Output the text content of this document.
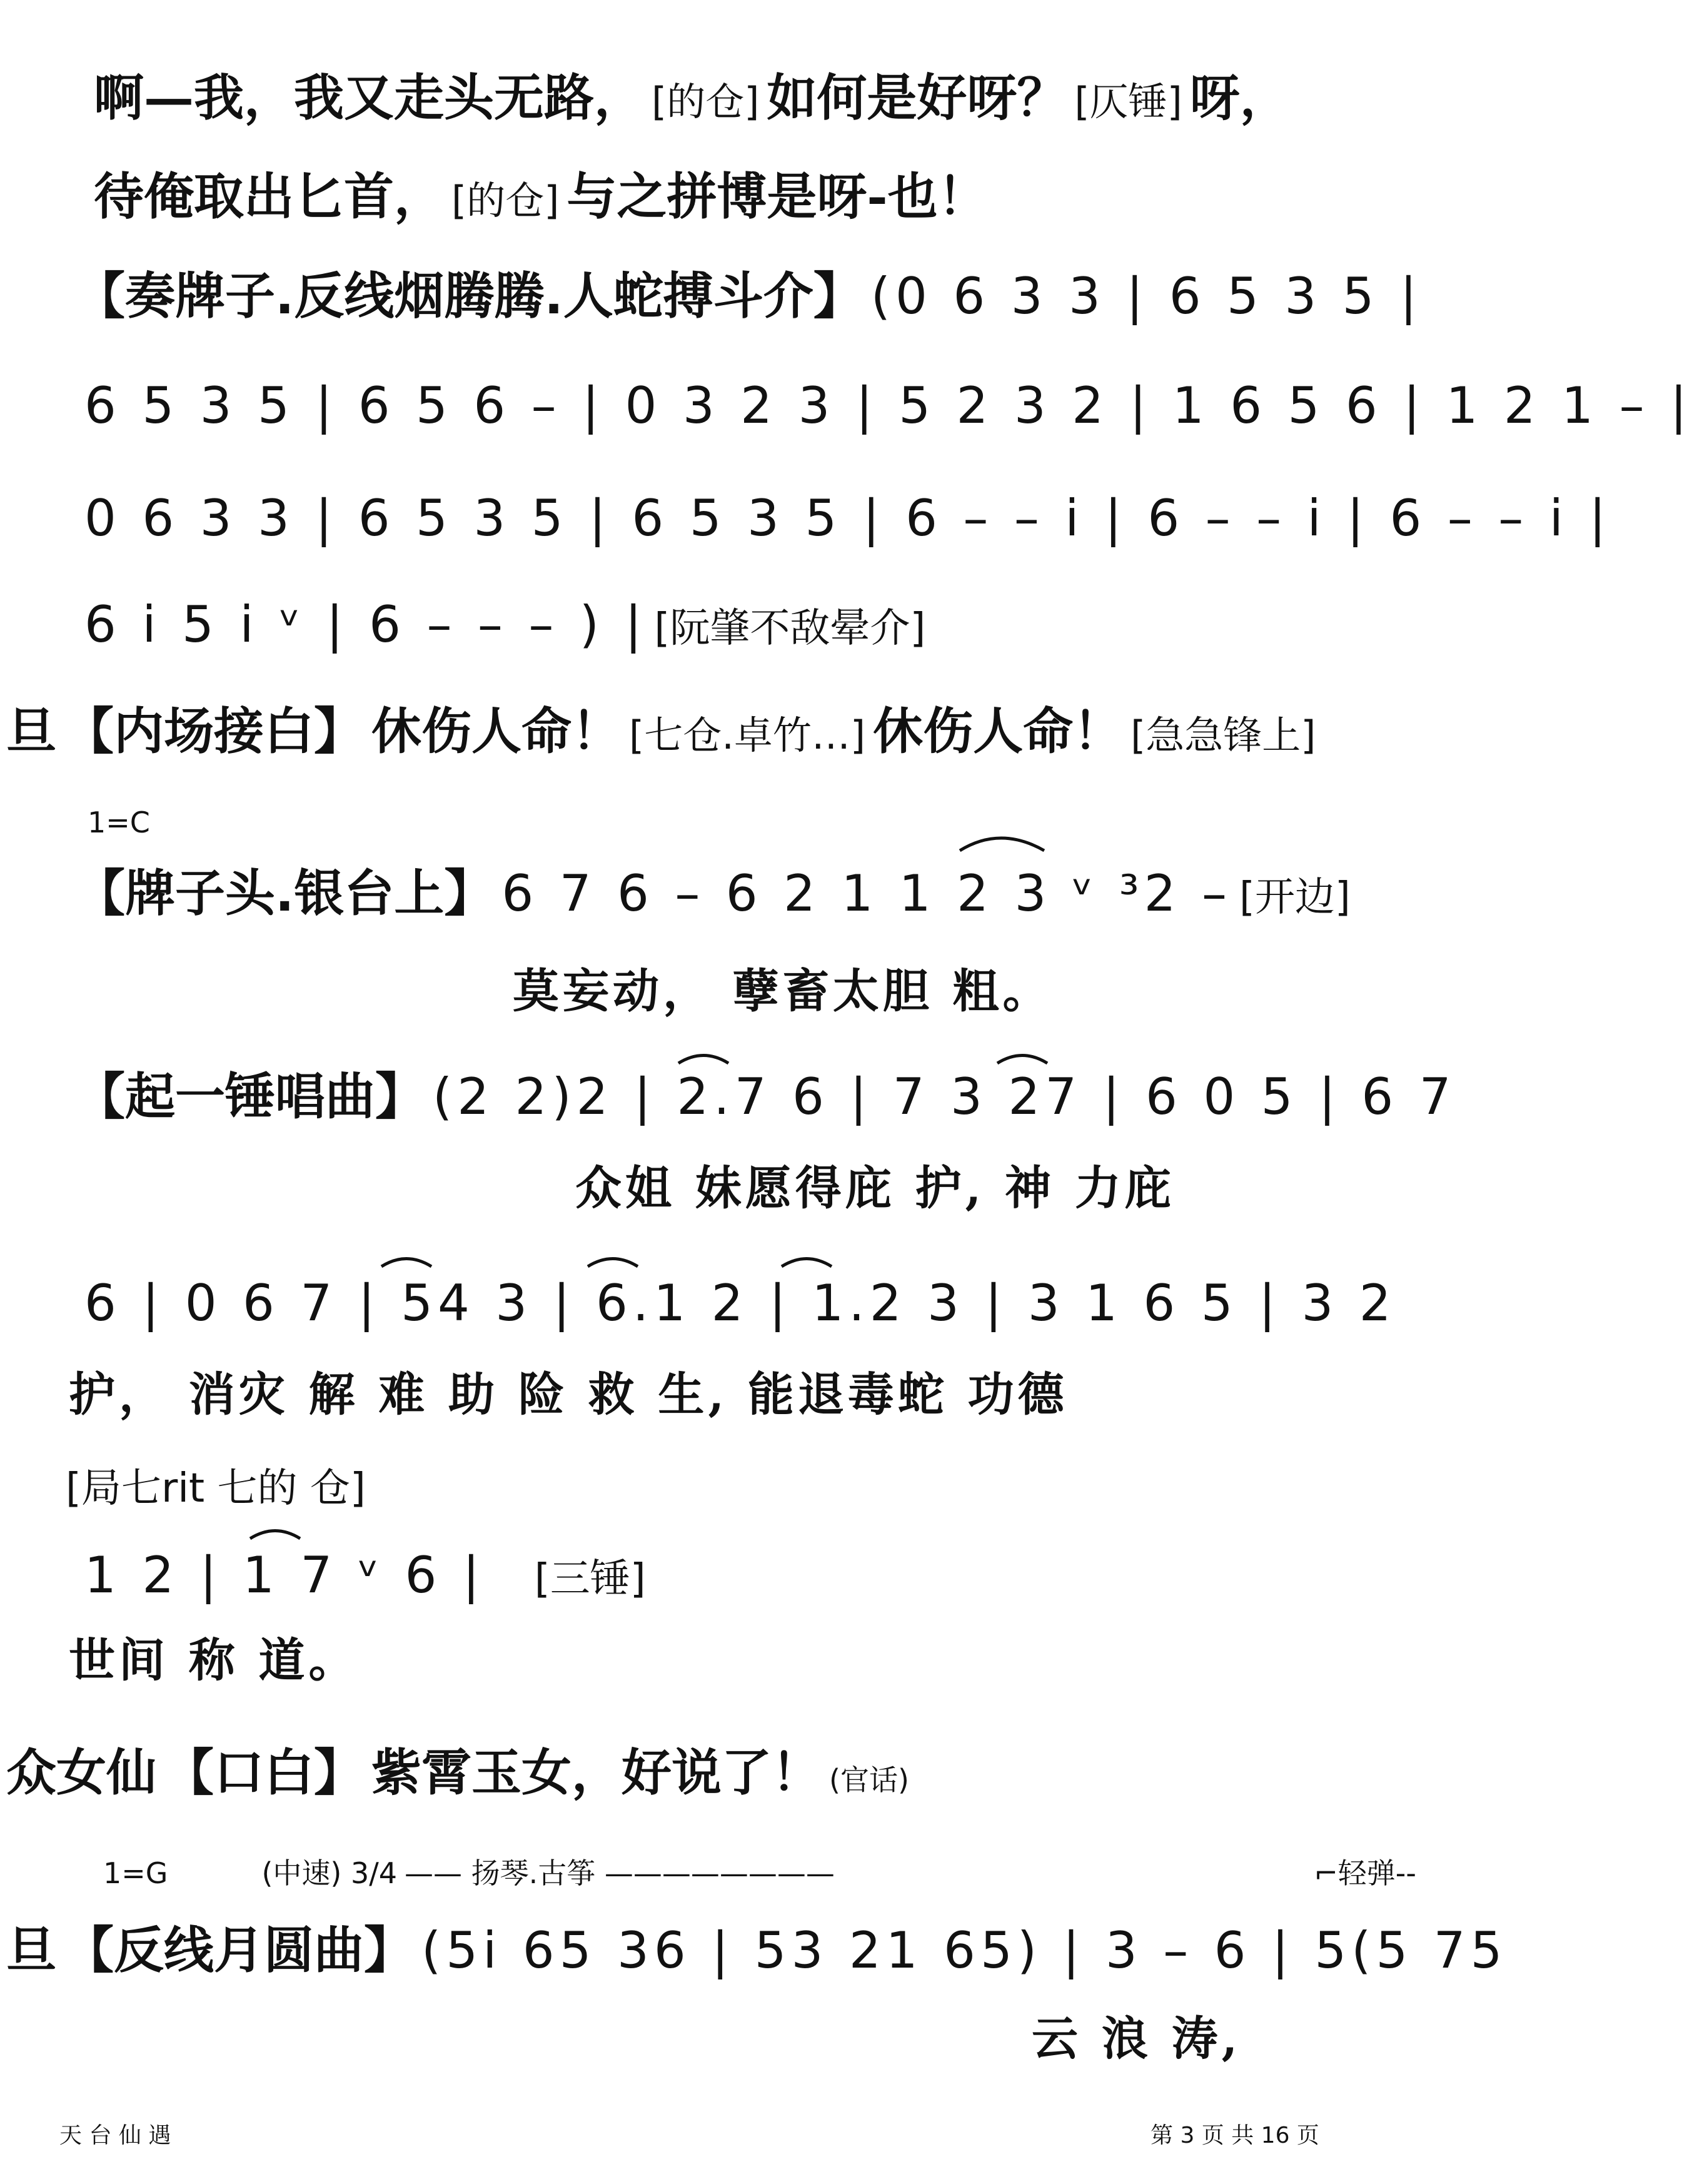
啊—我，我又走头无路， [的仓] 如何是好呀？ [仄锤] 呀，
待俺取出匕首， [的仓] 与之拼博是呀-也！
【奏牌子.反线烟腾腾.人蛇搏斗介】 (0 6 3 3 | 6 5 3 5 |
6 5 3 5 | 6 5 6 – | 0 3 2 3 | 5 2 3 2 | 1 6 5 6 | 1 2 1 – |
0 6 3 3 | 6 5 3 5 | 6 5 3 5 | 6 – – i | 6 – – i | 6 – – i |
6 i 5 i ᵛ | 6 – – – ) | [阮肇不敌晕介]
旦 【内场接白】 休伤人命！ [七仓.卓竹…] 休伤人命！ [急急锋上]
1=C
【牌子头.银台上】 6 7 6 – 6 2 1 1 2 3 ᵛ ³2 – [开边]
莫妄动， 孽畜太胆 粗。
【起一锤唱曲】 (2 2)2 | 2.7 6 | 7 3 27 | 6 0 5 | 6 7
众姐 妹愿得庇 护, 神 力庇
6 | 0 6 7 | 54 3 | 6.1 2 | 1.2 3 | 3 1 6 5 | 3 2
护， 消灾 解 难 助 险 救 生, 能退毒蛇 功德
[局七rit 七的 仓]
1 2 | 1 7 ᵛ 6 | [三锤]
世间 称 道。
众女仙 【口白】 紫霄玉女，好说了！ (官话)
1=G	(中速) 3/4 —— 扬琴.古筝 ————————	⌐轻弹--
旦 【反线月圆曲】 (5i 65 36 | 53 21 65) | 3 – 6 | 5(5 75
云 浪 涛,
天 台 仙 遇	第 3 页 共 16 页
